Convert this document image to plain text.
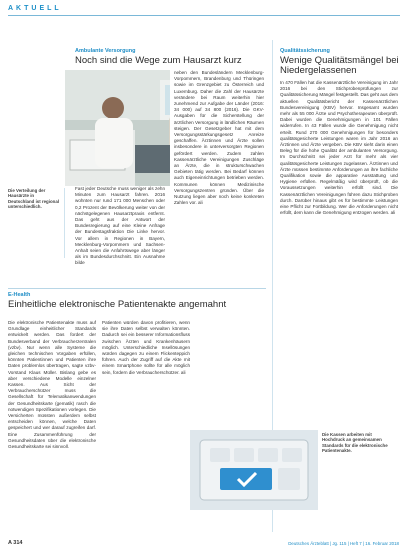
AKTUELL
Ambulante Versorgung
Noch sind die Wege zum Hausarzt kurz
Die Verteilung der Hausärzte in Deutschland ist regional unterschiedlich.
Fast jeder Deutsche muss weniger als zehn Minuten zum Hausarzt fahren. 2016 wohnten nur rund 171 000 Menschen oder 0,2 Prozent der Bevölkerung weiter von der nächstgelegenen Hausarztpraxis entfernt. Das geht aus der Antwort der Bundesregierung auf eine Kleine Anfrage der Bundestagsfraktion Die Linke hervor. Vor allem in Regionen in Bayern, Mecklenburg-Vorpommern und Sachsen-Anhalt seien die Anfahrtswege aber länger als im Bundesdurchschnitt. Ein Ausnahme bilde
neben den Bundesländern Mecklenburg-Vorpommern, Brandenburg und Thüringen sowie im Grenzgebiet zu Österreich und Luxemburg. Daher die Zahl der Hausärzte verändere bei Raum weiterhin hier zunehmend zur Aufgabe der Länder (2016: 34 000) auf 34 800 (2016). Die GKV-Ausgaben für die Sicherstellung der ärztlichen Versorgung in ländlichen Räumen steigen. Der Gesetzgeber hat mit dem Versorgungsstärkungsgesetz Anreize geschaffen. Ärztinnen und Ärzte sollen insbesondere in unterversorgten Regionen gefördert werden. Zudem zahlen Kassenärztliche Vereinigungen Zuschläge an Ärzte, die in strukturschwachen Gebieten tätig werden. Bei Bedarf können auch Eigeneinrichtungen betrieben werden. Kommunen können Medizinische Versorgungszentren gründen. Über die Nutzung liegen aber noch keine konkreten Zahlen vor. ali
Qualitätssicherung
Wenige Qualitätsmängel bei Niedergelassenen
In 470 Fällen hat die Kassenärztliche Vereinigung im Jahr 2016 bei den Stichprobenprüfungen zur Qualitätssicherung Mängel festgestellt. Das geht aus dem aktuellen Qualitätsbericht der Kassenärztlichen Bundesvereinigung (KBV) hervor. Insgesamt wurden mehr als 55 000 Ärzte und Psychotherapeuten überprüft. Dabei wurden die Genehmigungen in 101 Fällen widerrufen. In 43 Fällen wurde die Genehmigung nicht erteilt. Rund 270 000 Genehmigungen für besonders qualitätsgesicherte Leistungen waren im Jahr 2016 an Ärztinnen und Ärzte vergeben. Die KBV sieht darin einen Beleg für die hohe Qualität der ambulanten Versorgung. Im Durchschnitt sei jeder Arzt für mehr als vier qualitätsgesicherte Leistungen zugelassen. Ärztinnen und Ärzte müssen bestimmte Anforderungen an ihre fachliche Qualifikation sowie die apparative Ausstattung und Hygiene erfüllen. Regelmäßig wird überprüft, ob die Voraussetzungen weiterhin erfüllt sind. Die Kassenärztlichen Vereinigungen führen dazu Stichproben durch. Darüber hinaus gibt es für bestimmte Leistungen eine Pflicht zur Fortbildung. Wer die Anforderungen nicht erfüllt, dem kann die Genehmigung entzogen werden. ali
E-Health
Einheitliche elektronische Patientenakte angemahnt
Die elektronische Patientenakte muss auf Grundlage einheitlicher Standards entwickelt werden. Das fordert der Bundesverband der Verbraucherzentralen (vzbv). Nur wenn alle Systeme die gleichen technischen Vorgaben erfüllen, könnten Patientinnen und Patienten ihre Daten problemlos übertragen, sagte vzbv-Vorstand Klaus Müller. Bislang gebe es aber verschiedene Modelle einzelner Kassen. Aus Sicht der Verbraucherschützer muss die Gesellschaft für Telematikanwendungen der Gesundheitskarte (gematik) rasch die notwendigen Spezifikationen vorlegen. Die Versicherten müssten außerdem selbst entscheiden können, welche Daten gespeichert und wer darauf zugreifen darf. Eine Zusammenführung der Gesundheitsdaten über die elektronische Gesundheitskarte sei sinnvoll.
Patienten würden davon profitieren, wenn sie ihre Daten selbst verwalten könnten. Dadurch sei ein besserer Informationsfluss zwischen Ärzten und Krankenhäusern möglich. Unterschiedliche Insellösungen würden dagegen zu einem Flickenteppich führen. Auch der Zugriff auf die Akte mit einem Smartphone sollte für alle möglich sein, fordern die Verbraucherschützer. ali
Die Kassen arbeiten mit Hochdruck an gemeinsamen Standards für die elektronische Patientenakte.
A 314	Deutsches Ärzteblatt | Jg. 115 | Heft 7 | 16. Februar 2018
